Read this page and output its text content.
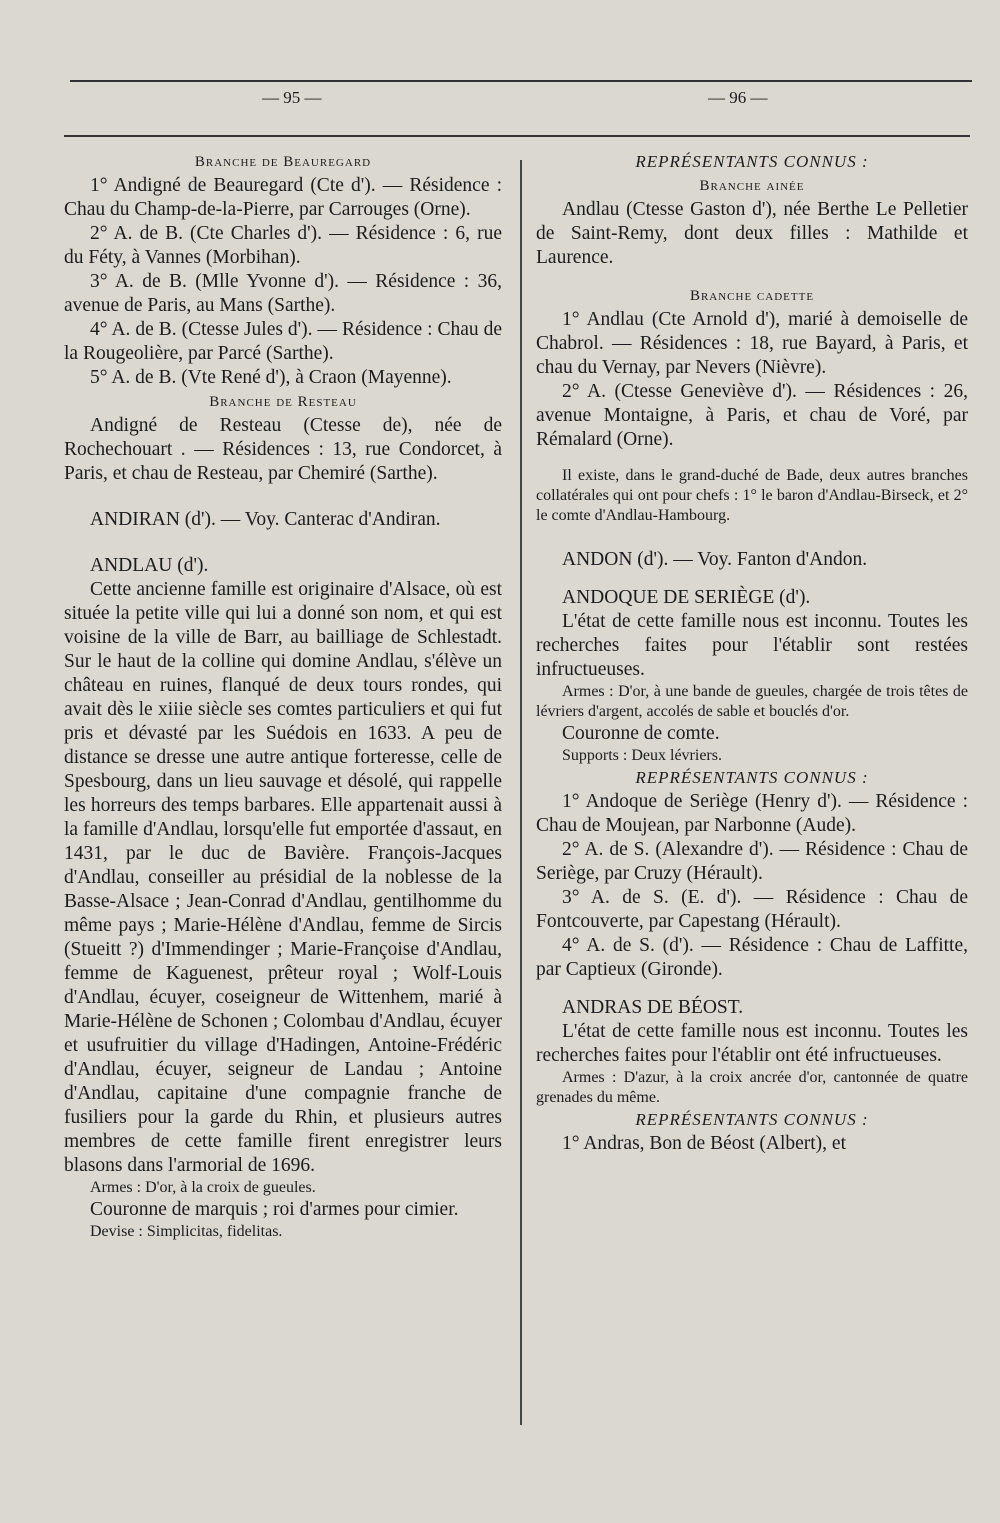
— 95 —	— 96 —

Branche de Beauregard

1° Andigné de Beauregard (Cte d'). — Résidence : Chau du Champ-de-la-Pierre, par Carrouges (Orne).

2° A. de B. (Cte Charles d'). — Résidence : 6, rue du Féty, à Vannes (Morbihan).

3° A. de B. (Mlle Yvonne d'). — Résidence : 36, avenue de Paris, au Mans (Sarthe).

4° A. de B. (Ctesse Jules d'). — Résidence : Chau de la Rougeolière, par Parcé (Sarthe).

5° A. de B. (Vte René d'), à Craon (Mayenne).

Branche de Resteau

Andigné de Resteau (Ctesse de), née de Rochechouart . — Résidences : 13, rue Condorcet, à Paris, et chau de Resteau, par Chemiré (Sarthe).

ANDIRAN (d'). — Voy. Canterac d'Andiran.

ANDLAU (d').

Cette ancienne famille est originaire d'Alsace, où est située la petite ville qui lui a donné son nom, et qui est voisine de la ville de Barr, au bailliage de Schlestadt. Sur le haut de la colline qui domine Andlau, s'élève un château en ruines, flanqué de deux tours rondes, qui avait dès le xiiie siècle ses comtes particuliers et qui fut pris et dévasté par les Suédois en 1633. A peu de distance se dresse une autre antique forteresse, celle de Spesbourg, dans un lieu sauvage et désolé, qui rappelle les horreurs des temps barbares. Elle appartenait aussi à la famille d'Andlau, lorsqu'elle fut emportée d'assaut, en 1431, par le duc de Bavière. François-Jacques d'Andlau, conseiller au présidial de la noblesse de la Basse-Alsace ; Jean-Conrad d'Andlau, gentilhomme du même pays ; Marie-Hélène d'Andlau, femme de Sircis (Stueitt ?) d'Immendinger ; Marie-Françoise d'Andlau, femme de Kaguenest, prêteur royal ; Wolf-Louis d'Andlau, écuyer, coseigneur de Wittenhem, marié à Marie-Hélène de Schonen ; Colombau d'Andlau, écuyer et usufruitier du village d'Hadingen, Antoine-Frédéric d'Andlau, écuyer, seigneur de Landau ; Antoine d'Andlau, capitaine d'une compagnie franche de fusiliers pour la garde du Rhin, et plusieurs autres membres de cette famille firent enregistrer leurs blasons dans l'armorial de 1696.

Armes : D'or, à la croix de gueules.

Couronne de marquis ; roi d'armes pour cimier.

Devise : Simplicitas, fidelitas.

REPRÉSENTANTS CONNUS :

Branche ainée

Andlau (Ctesse Gaston d'), née Berthe Le Pelletier de Saint-Remy, dont deux filles : Mathilde et Laurence.

Branche cadette

1° Andlau (Cte Arnold d'), marié à demoiselle de Chabrol. — Résidences : 18, rue Bayard, à Paris, et chau du Vernay, par Nevers (Nièvre).

2° A. (Ctesse Geneviève d'). — Résidences : 26, avenue Montaigne, à Paris, et chau de Voré, par Rémalard (Orne).

Il existe, dans le grand-duché de Bade, deux autres branches collatérales qui ont pour chefs : 1° le baron d'Andlau-Birseck, et 2° le comte d'Andlau-Hambourg.

ANDON (d'). — Voy. Fanton d'Andon.

ANDOQUE DE SERIÈGE (d').

L'état de cette famille nous est inconnu. Toutes les recherches faites pour l'établir sont restées infructueuses.

Armes : D'or, à une bande de gueules, chargée de trois têtes de lévriers d'argent, accolés de sable et bouclés d'or.

Couronne de comte.

Supports : Deux lévriers.

REPRÉSENTANTS CONNUS :

1° Andoque de Seriège (Henry d'). — Résidence : Chau de Moujean, par Narbonne (Aude).

2° A. de S. (Alexandre d'). — Résidence : Chau de Seriège, par Cruzy (Hérault).

3° A. de S. (E. d'). — Résidence : Chau de Fontcouverte, par Capestang (Hérault).

4° A. de S. (d'). — Résidence : Chau de Laffitte, par Captieux (Gironde).

ANDRAS DE BÉOST.

L'état de cette famille nous est inconnu. Toutes les recherches faites pour l'établir ont été infructueuses.

Armes : D'azur, à la croix ancrée d'or, cantonnée de quatre grenades du même.

REPRÉSENTANTS CONNUS :

1° Andras, Bon de Béost (Albert), et
